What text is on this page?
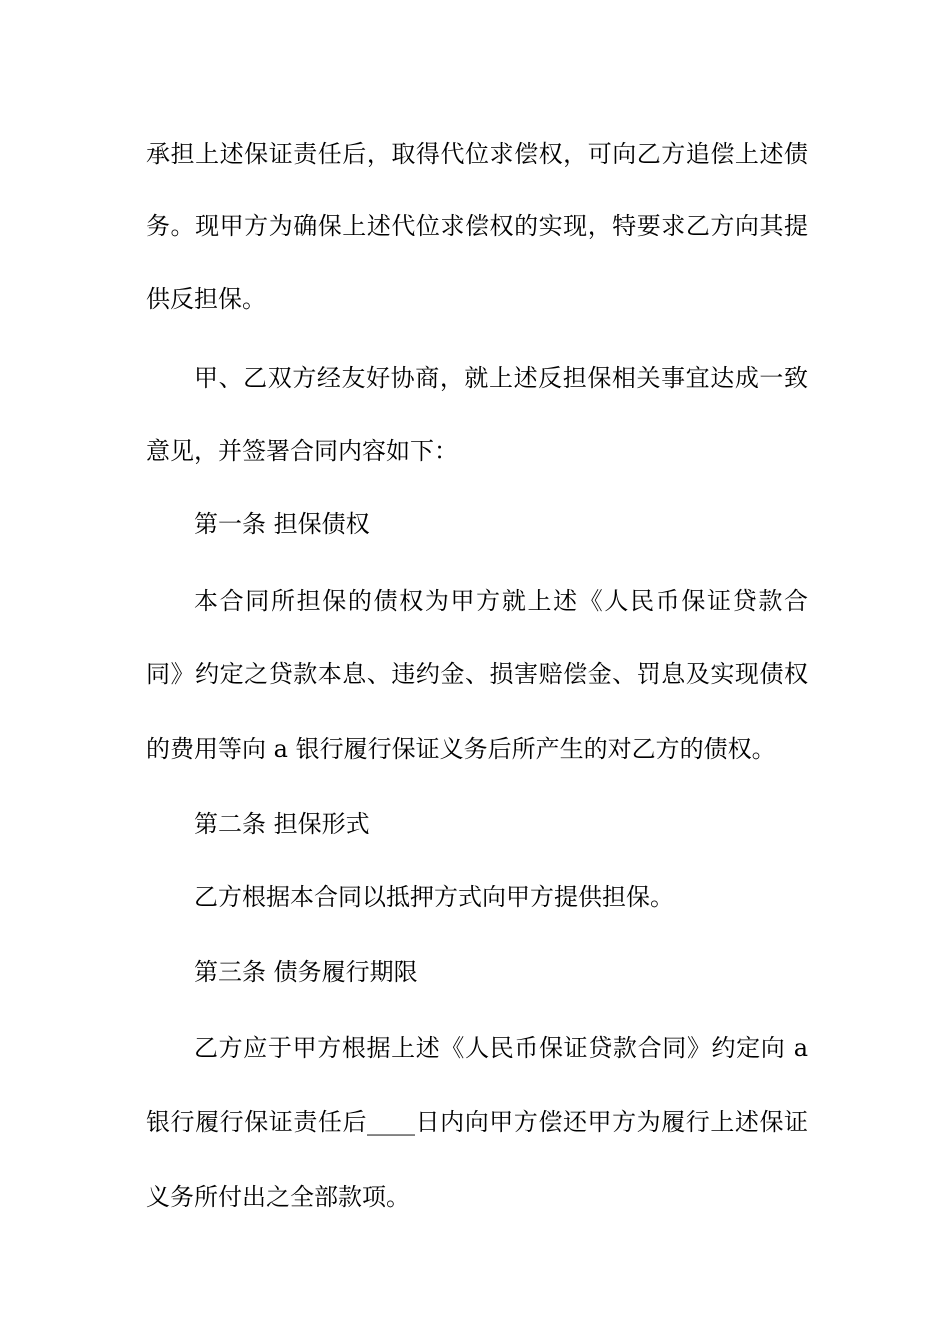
承担上述保证责任后，取得代位求偿权，可向乙方追偿上述债
务。现甲方为确保上述代位求偿权的实现，特要求乙方向其提
供反担保。
甲、乙双方经友好协商，就上述反担保相关事宜达成一致
意见，并签署合同内容如下：
第一条 担保债权
本合同所担保的债权为甲方就上述《人民币保证贷款合
同》约定之贷款本息、违约金、损害赔偿金、罚息及实现债权
的费用等向 a 银行履行保证义务后所产生的对乙方的债权。
第二条 担保形式
乙方根据本合同以抵押方式向甲方提供担保。
第三条 债务履行期限
乙方应于甲方根据上述《人民币保证贷款合同》约定向 a
银行履行保证责任后____日内向甲方偿还甲方为履行上述保证
义务所付出之全部款项。
